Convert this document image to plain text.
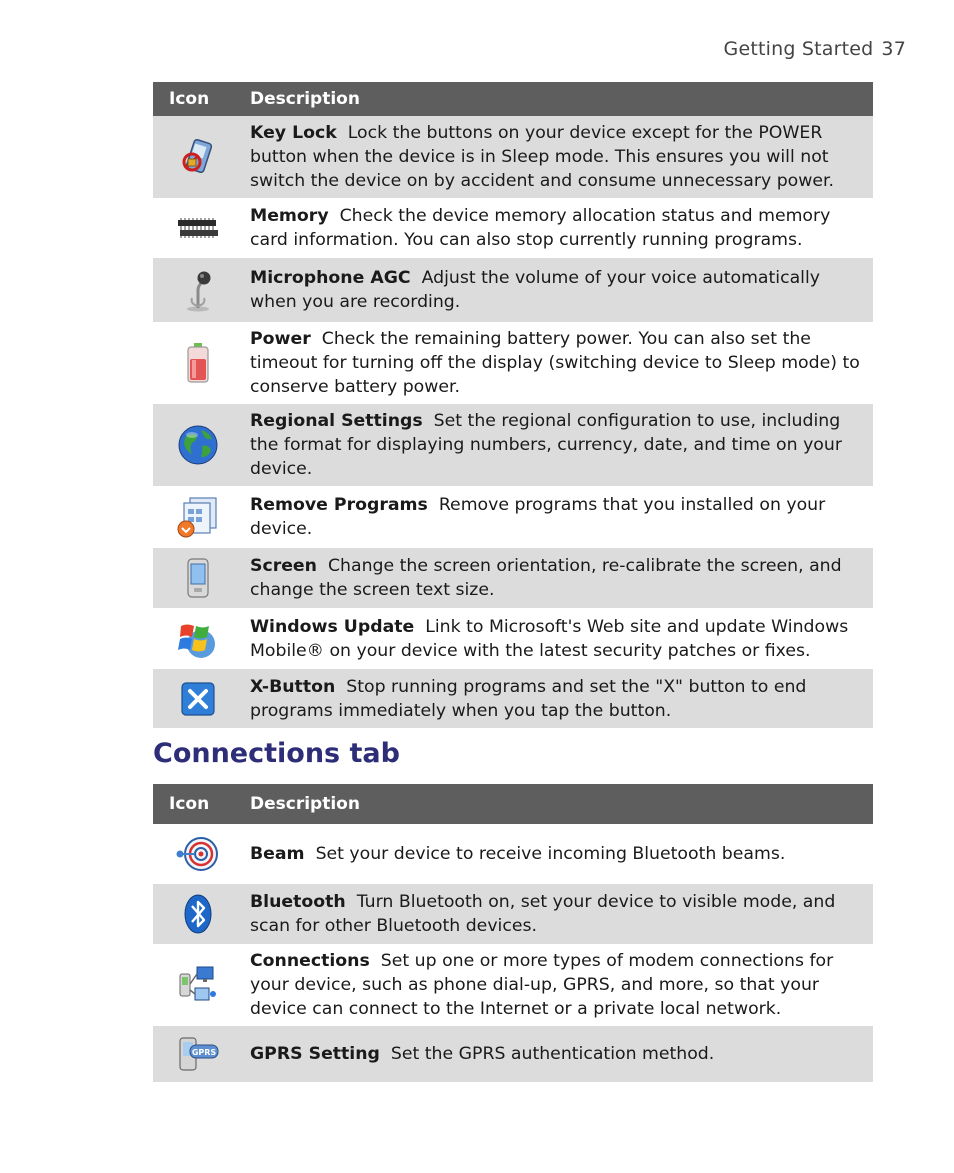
Getting Started 37
Icon	Description

	Key Lock Lock the buttons on your device except for the POWER button when the device is in Sleep mode. This ensures you will not switch the device on by accident and consume unnecessary power.

	Memory Check the device memory allocation status and memory card information. You can also stop currently running programs.

	Microphone AGC Adjust the volume of your voice automatically when you are recording.

	Power Check the remaining battery power. You can also set the timeout for turning off the display (switching device to Sleep mode) to conserve battery power.

	Regional Settings Set the regional configuration to use, including the format for displaying numbers, currency, date, and time on your device.

	Remove Programs Remove programs that you installed on your device.

	Screen Change the screen orientation, re-calibrate the screen, and change the screen text size.

	Windows Update Link to Microsoft's Web site and update Windows Mobile® on your device with the latest security patches or fixes.

	X-Button Stop running programs and set the "X" button to end programs immediately when you tap the button.
Connections tab
Icon	Description

	Beam Set your device to receive incoming Bluetooth beams.

	Bluetooth Turn Bluetooth on, set your device to visible mode, and scan for other Bluetooth devices.

	Connections Set up one or more types of modem connections for your device, such as phone dial-up, GPRS, and more, so that your device can connect to the Internet or a private local network.

GPRS	GPRS Setting Set the GPRS authentication method.
